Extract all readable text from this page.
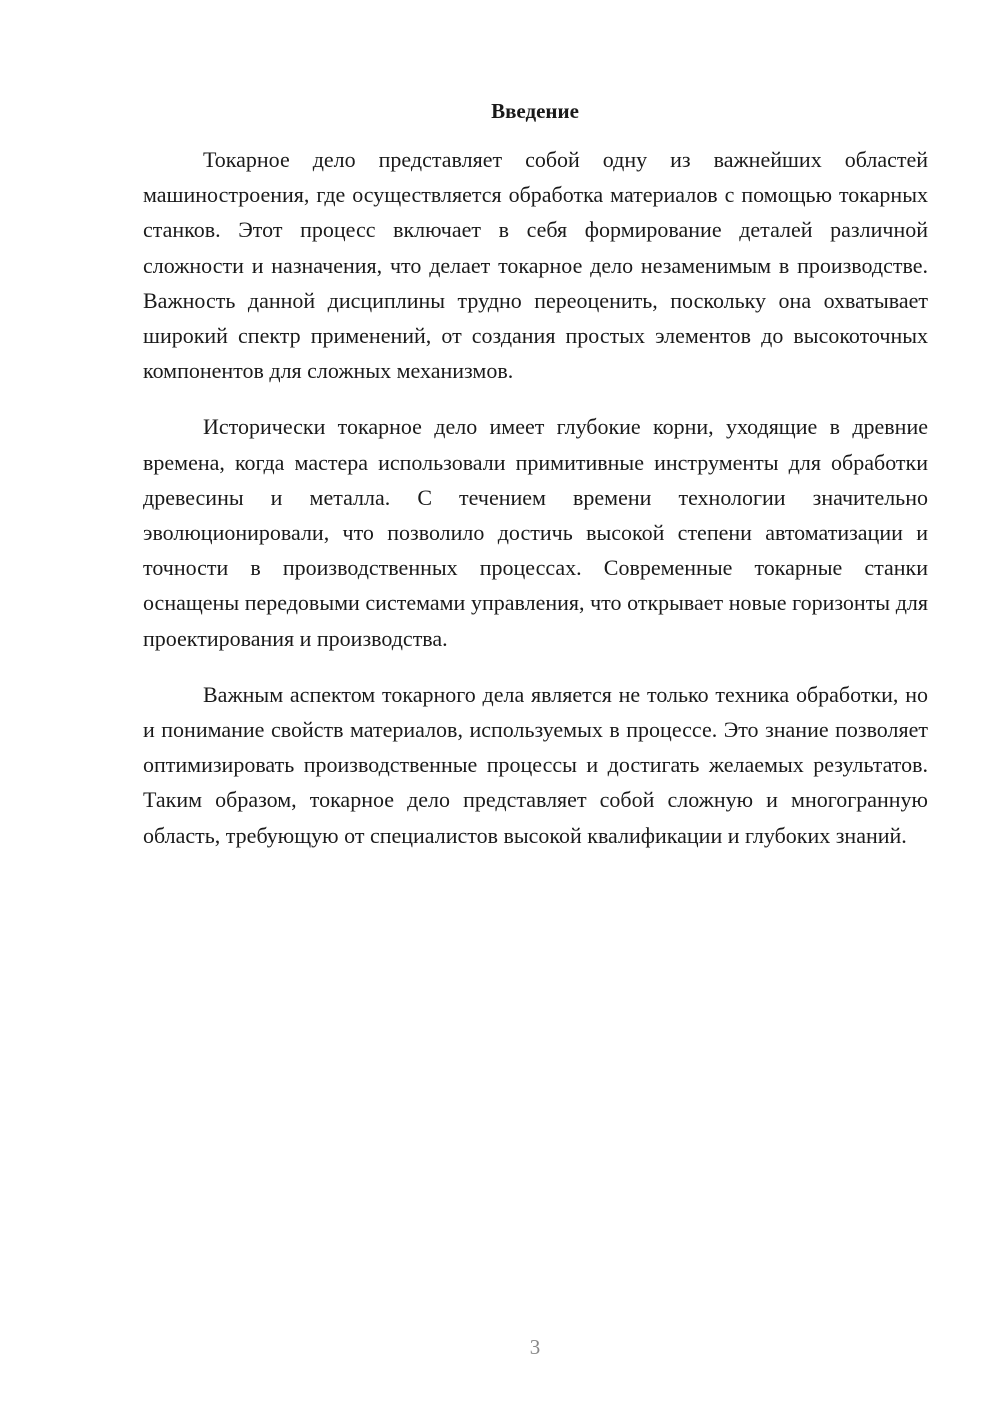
Введение

Токарное дело представляет собой одну из важнейших областей машиностроения, где осуществляется обработка материалов с помощью токарных станков. Этот процесс включает в себя формирование деталей различной сложности и назначения, что делает токарное дело незаменимым в производстве. Важность данной дисциплины трудно переоценить, поскольку она охватывает широкий спектр применений, от создания простых элементов до высокоточных компонентов для сложных механизмов.

Исторически токарное дело имеет глубокие корни, уходящие в древние времена, когда мастера использовали примитивные инструменты для обработки древесины и металла. С течением времени технологии значительно эволюционировали, что позволило достичь высокой степени автоматизации и точности в производственных процессах. Современные токарные станки оснащены передовыми системами управления, что открывает новые горизонты для проектирования и производства.

Важным аспектом токарного дела является не только техника обработки, но и понимание свойств материалов, используемых в процессе. Это знание позволяет оптимизировать производственные процессы и достигать желаемых результатов. Таким образом, токарное дело представляет собой сложную и многогранную область, требующую от специалистов высокой квалификации и глубоких знаний.

3
